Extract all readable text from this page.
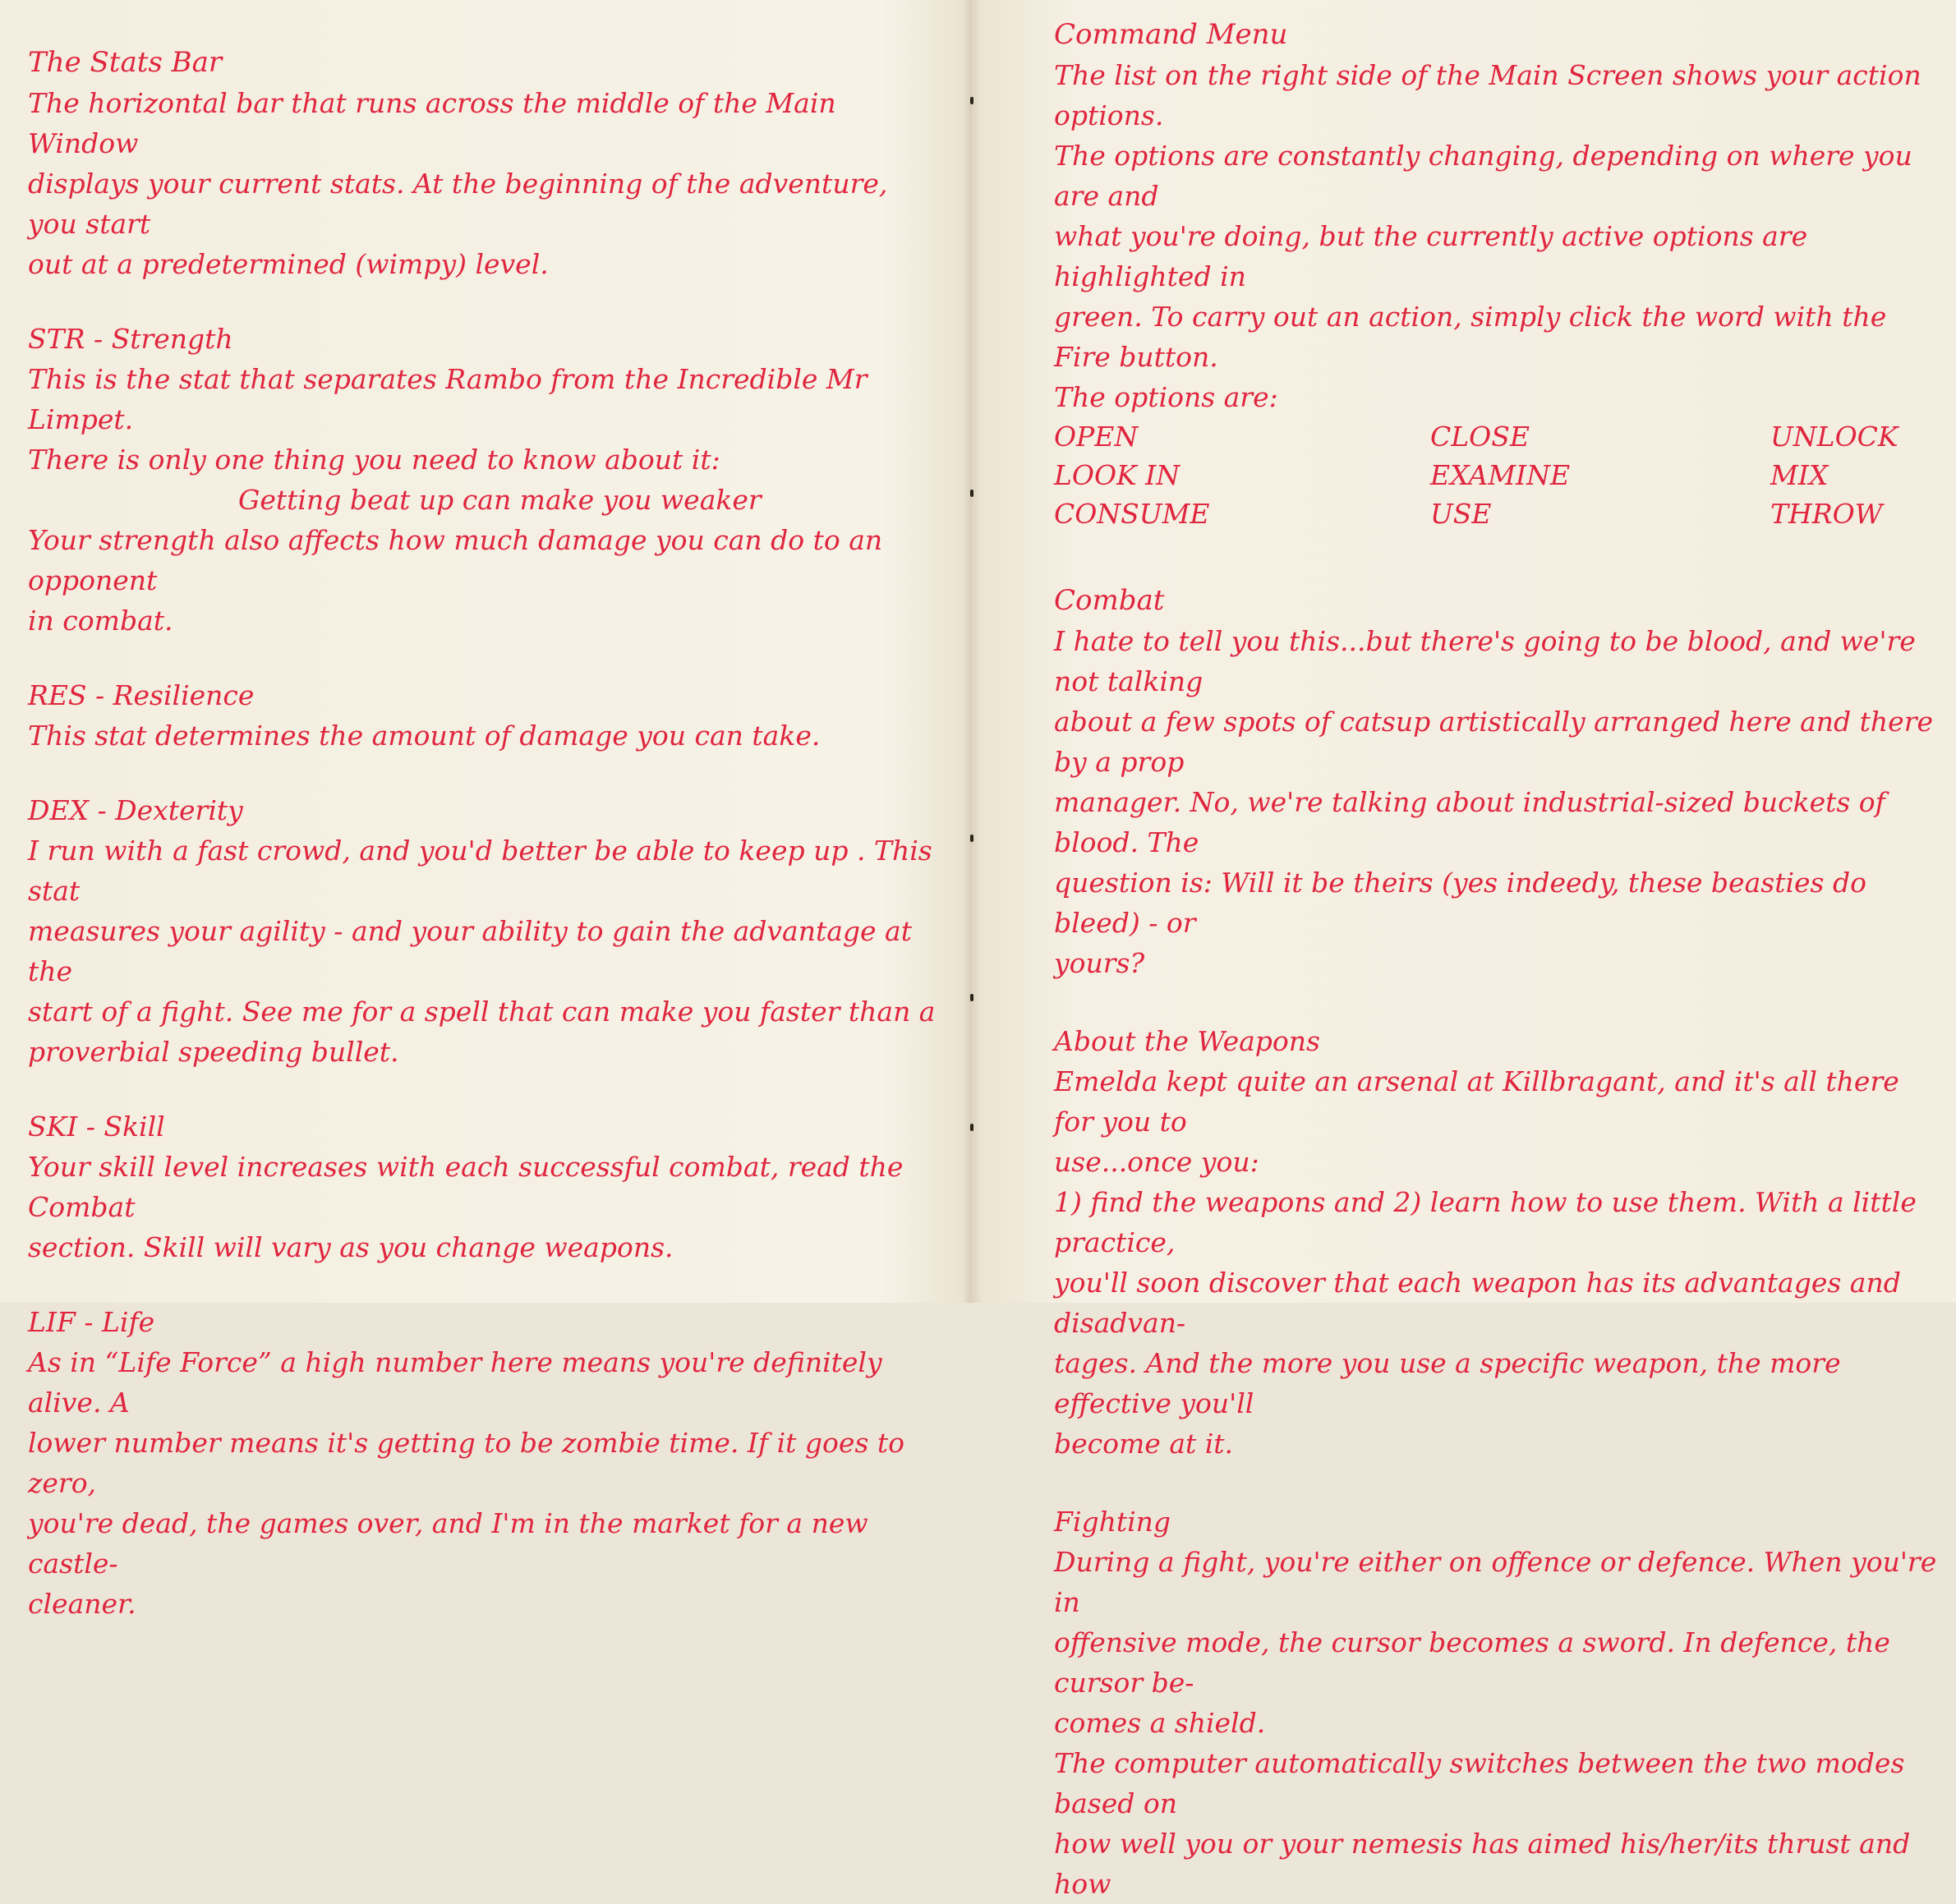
The Stats Bar
The horizontal bar that runs across the middle of the Main Window
displays your current stats. At the beginning of the adventure, you start
out at a predetermined (wimpy) level.
STR - Strength
This is the stat that separates Rambo from the Incredible Mr Limpet.
There is only one thing you need to know about it:
Getting beat up can make you weaker
Your strength also affects how much damage you can do to an opponent
in combat.
RES - Resilience
This stat determines the amount of damage you can take.
DEX - Dexterity
I run with a fast crowd, and you'd better be able to keep up . This stat
measures your agility - and your ability to gain the advantage at the
start of a fight. See me for a spell that can make you faster than a
proverbial speeding bullet.
SKI - Skill
Your skill level increases with each successful combat, read the Combat
section. Skill will vary as you change weapons.
LIF - Life
As in “Life Force” a high number here means you're definitely alive. A
lower number means it's getting to be zombie time. If it goes to zero,
you're dead, the games over, and I'm in the market for a new castle-
cleaner.
Command Menu
The list on the right side of the Main Screen shows your action options.
The options are constantly changing, depending on where you are and
what you're doing, but the currently active options are highlighted in
green. To carry out an action, simply click the word with the Fire button.
The options are:
OPEN	CLOSE	UNLOCK
LOOK IN	EXAMINE	MIX
CONSUME	USE	THROW
Combat
I hate to tell you this...but there's going to be blood, and we're not talking
about a few spots of catsup artistically arranged here and there by a prop
manager. No, we're talking about industrial-sized buckets of blood. The
question is: Will it be theirs (yes indeedy, these beasties do bleed) - or
yours?
About the Weapons
Emelda kept quite an arsenal at Killbragant, and it's all there for you to
use...once you:
1) find the weapons and 2) learn how to use them. With a little practice,
you'll soon discover that each weapon has its advantages and disadvan-
tages. And the more you use a specific weapon, the more effective you'll
become at it.
Fighting
During a fight, you're either on offence or defence. When you're in
offensive mode, the cursor becomes a sword. In defence, the cursor be-
comes a shield.
The computer automatically switches between the two modes based on
how well you or your nemesis has aimed his/her/its thrust and how
